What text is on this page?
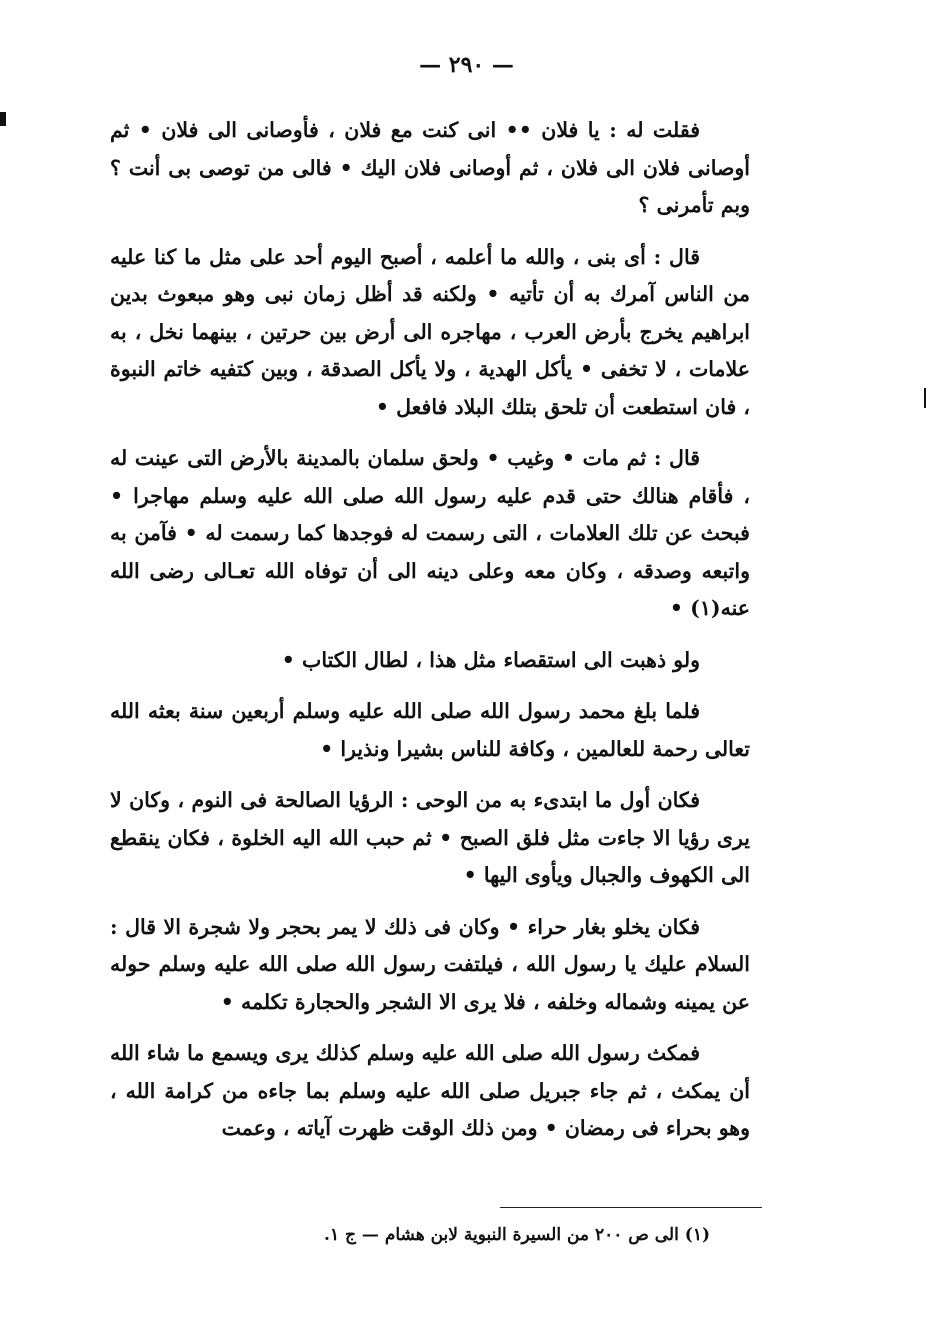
— ٢٩٠ —

فقلت له : يا فلان •• انى كنت مع فلان ، فأوصانى الى فلان • ثم أوصانى فلان الى فلان ، ثم أوصانى فلان اليك • فالى من توصى بى أنت ؟ وبم تأمرنى ؟

قال : أى بنى ، والله ما أعلمه ، أصبح اليوم أحد على مثل ما كنا عليه من الناس آمرك به أن تأتيه • ولكنه قد أظل زمان نبى وهو مبعوث بدين ابراهيم يخرج بأرض العرب ، مهاجره الى أرض بين حرتين ، بينهما نخل ، به علامات ، لا تخفى • يأكل الهدية ، ولا يأكل الصدقة ، وبين كتفيه خاتم النبوة ، فان استطعت أن تلحق بتلك البلاد فافعل •

قال : ثم مات • وغيب • ولحق سلمان بالمدينة بالأرض التى عينت له ، فأقام هنالك حتى قدم عليه رسول الله صلى الله عليه وسلم مهاجرا • فبحث عن تلك العلامات ، التى رسمت له فوجدها كما رسمت له • فآمن به واتبعه وصدقه ، وكان معه وعلى دينه الى أن توفاه الله تعـالى رضى الله عنه(١) •

ولو ذهبت الى استقصاء مثل هذا ، لطال الكتاب •

فلما بلغ محمد رسول الله صلى الله عليه وسلم أربعين سنة بعثه الله تعالى رحمة للعالمين ، وكافة للناس بشيرا ونذيرا •

فكان أول ما ابتدىء به من الوحى : الرؤيا الصالحة فى النوم ، وكان لا يرى رؤيا الا جاءت مثل فلق الصبح • ثم حبب الله اليه الخلوة ، فكان ينقطع الى الكهوف والجبال ويأوى اليها •

فكان يخلو بغار حراء • وكان فى ذلك لا يمر بحجر ولا شجرة الا قال : السلام عليك يا رسول الله ، فيلتفت رسول الله صلى الله عليه وسلم حوله عن يمينه وشماله وخلفه ، فلا يرى الا الشجر والحجارة تكلمه •

فمكث رسول الله صلى الله عليه وسلم كذلك يرى ويسمع ما شاء الله أن يمكث ، ثم جاء جبريل صلى الله عليه وسلم بما جاءه من كرامة الله ، وهو بحراء فى رمضان • ومن ذلك الوقت ظهرت آياته ، وعمت

(١) الى ص ٢٠٠ من السيرة النبوية لابن هشام — ج ١.
